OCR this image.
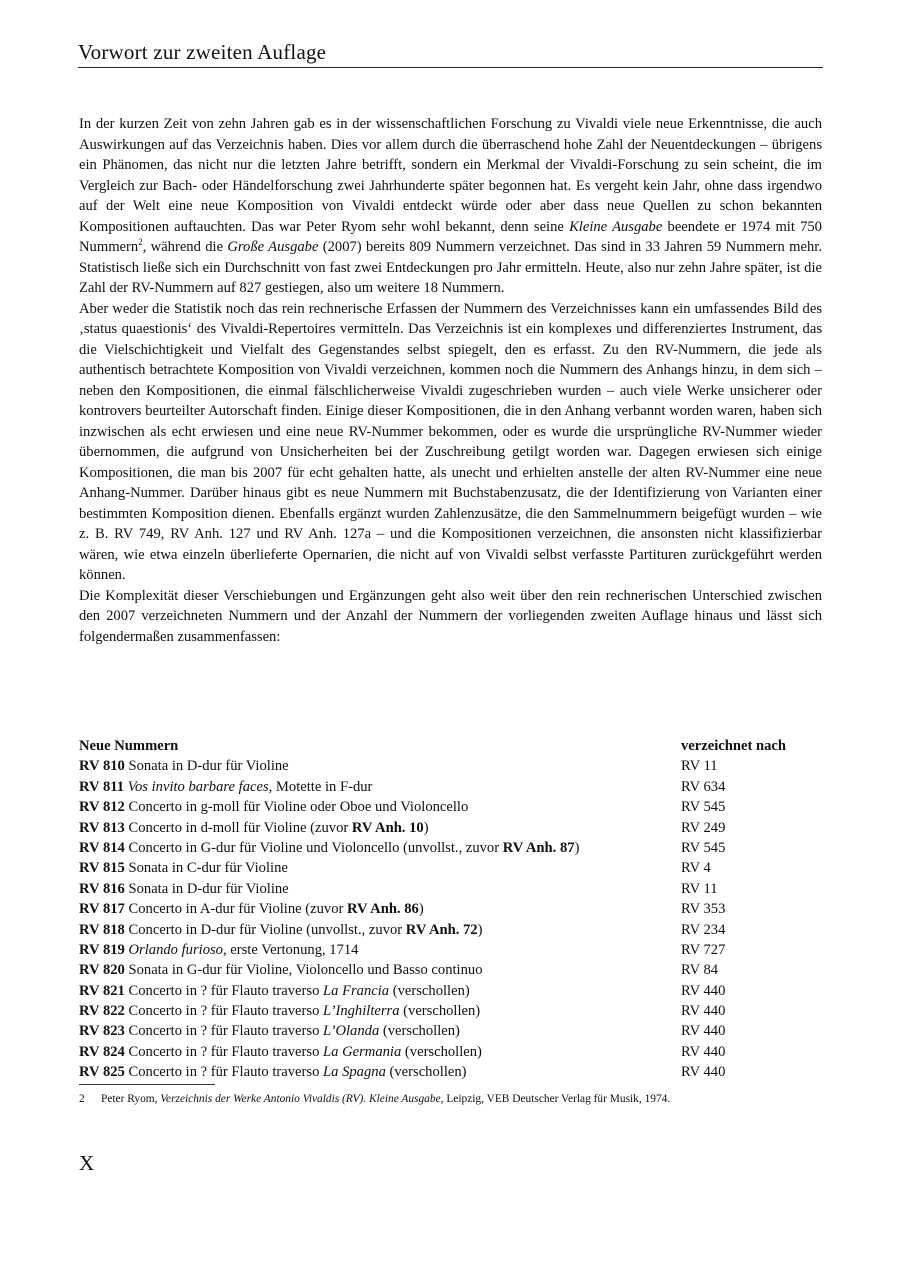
Vorwort zur zweiten Auflage

In der kurzen Zeit von zehn Jahren gab es in der wissenschaftlichen Forschung zu Vivaldi viele neue Erkenntnisse, die auch Auswirkungen auf das Verzeichnis haben. Dies vor allem durch die überraschend hohe Zahl der Neuentdeckungen – übrigens ein Phänomen, das nicht nur die letzten Jahre betrifft, sondern ein Merkmal der Vivaldi-Forschung zu sein scheint, die im Vergleich zur Bach- oder Händelforschung zwei Jahrhunderte später begonnen hat. Es vergeht kein Jahr, ohne dass irgendwo auf der Welt eine neue Komposition von Vivaldi entdeckt würde oder aber dass neue Quellen zu schon bekannten Kompositionen auftauchten. Das war Peter Ryom sehr wohl bekannt, denn seine Kleine Ausgabe beendete er 1974 mit 750 Nummern$^2$, während die Große Ausgabe (2007) bereits 809 Nummern verzeichnet. Das sind in 33 Jahren 59 Nummern mehr. Statistisch ließe sich ein Durchschnitt von fast zwei Entdeckungen pro Jahr ermitteln. Heute, also nur zehn Jahre später, ist die Zahl der RV-Nummern auf 827 gestiegen, also um weitere 18 Nummern.

Aber weder die Statistik noch das rein rechnerische Erfassen der Nummern des Verzeichnisses kann ein umfassendes Bild des ‚status quaestionis‘ des Vivaldi-Repertoires vermitteln. Das Verzeichnis ist ein komplexes und differenziertes Instrument, das die Vielschichtigkeit und Vielfalt des Gegenstandes selbst spiegelt, den es erfasst. Zu den RV-Nummern, die jede als authentisch betrachtete Komposition von Vivaldi verzeichnen, kommen noch die Nummern des Anhangs hinzu, in dem sich – neben den Kompositionen, die einmal fälschlicherweise Vivaldi zugeschrieben wurden – auch viele Werke unsicherer oder kontrovers beurteilter Autorschaft finden. Einige dieser Kompositionen, die in den Anhang verbannt worden waren, haben sich inzwischen als echt erwiesen und eine neue RV-Nummer bekommen, oder es wurde die ursprüngliche RV-Nummer wieder übernommen, die aufgrund von Unsicherheiten bei der Zuschreibung getilgt worden war. Dagegen erwiesen sich einige Kompositionen, die man bis 2007 für echt gehalten hatte, als unecht und erhielten anstelle der alten RV-Nummer eine neue Anhang-Nummer. Darüber hinaus gibt es neue Nummern mit Buchstabenzusatz, die der Identifizierung von Varianten einer bestimmten Komposition dienen. Ebenfalls ergänzt wurden Zahlenzusätze, die den Sammelnummern beigefügt wurden – wie z. B. RV 749, RV Anh. 127 und RV Anh. 127a – und die Kompositionen verzeichnen, die ansonsten nicht klassifizierbar wären, wie etwa einzeln überlieferte Opernarien, die nicht auf von Vivaldi selbst verfasste Partituren zurückgeführt werden können.

Die Komplexität dieser Verschiebungen und Ergänzungen geht also weit über den rein rechnerischen Unterschied zwischen den 2007 verzeichneten Nummern und der Anzahl der Nummern der vorliegenden zweiten Auflage hinaus und lässt sich folgendermaßen zusammenfassen:

Neue Nummern	verzeichnet nach
RV 810 Sonata in D-dur für Violine	RV 11
RV 811 Vos invito barbare faces, Motette in F-dur	RV 634
RV 812 Concerto in g-moll für Violine oder Oboe und Violoncello	RV 545
RV 813 Concerto in d-moll für Violine (zuvor RV Anh. 10)	RV 249
RV 814 Concerto in G-dur für Violine und Violoncello (unvollst., zuvor RV Anh. 87)	RV 545
RV 815 Sonata in C-dur für Violine	RV 4
RV 816 Sonata in D-dur für Violine	RV 11
RV 817 Concerto in A-dur für Violine (zuvor RV Anh. 86)	RV 353
RV 818 Concerto in D-dur für Violine (unvollst., zuvor RV Anh. 72)	RV 234
RV 819 Orlando furioso, erste Vertonung, 1714	RV 727
RV 820 Sonata in G-dur für Violine, Violoncello und Basso continuo	RV 84
RV 821 Concerto in ? für Flauto traverso La Francia (verschollen)	RV 440
RV 822 Concerto in ? für Flauto traverso L’Inghilterra (verschollen)	RV 440
RV 823 Concerto in ? für Flauto traverso L’Olanda (verschollen)	RV 440
RV 824 Concerto in ? für Flauto traverso La Germania (verschollen)	RV 440
RV 825 Concerto in ? für Flauto traverso La Spagna (verschollen)	RV 440
2 Peter Ryom, Verzeichnis der Werke Antonio Vivaldis (RV). Kleine Ausgabe, Leipzig, VEB Deutscher Verlag für Musik, 1974.
X
